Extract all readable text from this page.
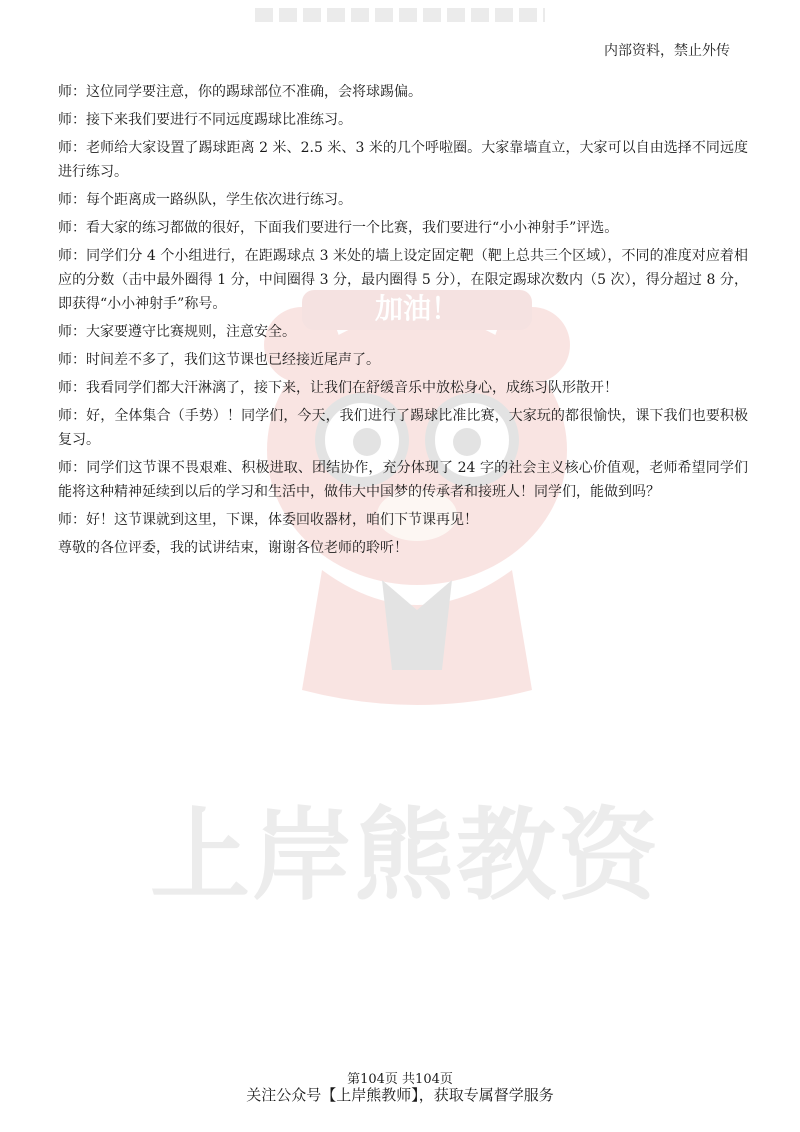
内部资料，禁止外传
加油！
上岸熊教资

师：这位同学要注意，你的踢球部位不准确，会将球踢偏。

师：接下来我们要进行不同远度踢球比准练习。

师：老师给大家设置了踢球距离 2 米、2.5 米、3 米的几个呼啦圈。大家靠墙直立，大家可以自由选择不同远度进行练习。

师：每个距离成一路纵队，学生依次进行练习。

师：看大家的练习都做的很好，下面我们要进行一个比赛，我们要进行“小小神射手”评选。

师：同学们分 4 个小组进行，在距踢球点 3 米处的墙上设定固定靶（靶上总共三个区域），不同的准度对应着相应的分数（击中最外圈得 1 分，中间圈得 3 分，最内圈得 5 分），在限定踢球次数内（5 次），得分超过 8 分，即获得“小小神射手”称号。

师：大家要遵守比赛规则，注意安全。

师：时间差不多了，我们这节课也已经接近尾声了。

师：我看同学们都大汗淋漓了，接下来，让我们在舒缓音乐中放松身心，成练习队形散开！

师：好，全体集合（手势）！同学们，今天，我们进行了踢球比准比赛，大家玩的都很愉快，课下我们也要积极复习。

师：同学们这节课不畏艰难、积极进取、团结协作，充分体现了 24 字的社会主义核心价值观，老师希望同学们能将这种精神延续到以后的学习和生活中，做伟大中国梦的传承者和接班人！同学们，能做到吗？

师：好！这节课就到这里，下课，体委回收器材，咱们下节课再见！

尊敬的各位评委，我的试讲结束，谢谢各位老师的聆听！

第104页 共104页
关注公众号【上岸熊教师】，获取专属督学服务
